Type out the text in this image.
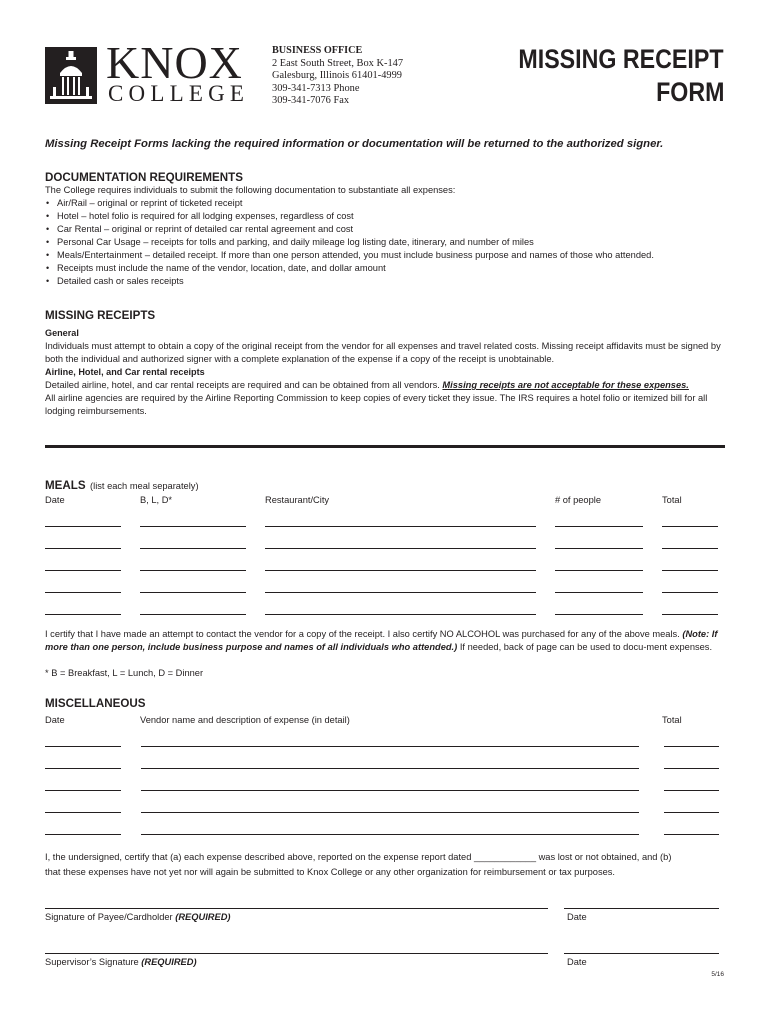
KNOX
COLLEGE
BUSINESS OFFICE
2 East South Street, Box K-147
Galesburg, Illinois 61401-4999
309-341-7313 Phone
309-341-7076 Fax
MISSING RECEIPT
FORM
Missing Receipt Forms lacking the required information or documentation will be returned to the authorized signer.
DOCUMENTATION REQUIREMENTS
The College requires individuals to submit the following documentation to substantiate all expenses:
• Air/Rail – original or reprint of ticketed receipt
• Hotel – hotel folio is required for all lodging expenses, regardless of cost
• Car Rental – original or reprint of detailed car rental agreement and cost
• Personal Car Usage – receipts for tolls and parking, and daily mileage log listing date, itinerary, and number of miles
• Meals/Entertainment – detailed receipt. If more than one person attended, you must include business purpose and names of those who attended.
• Receipts must include the name of the vendor, location, date, and dollar amount
• Detailed cash or sales receipts
MISSING RECEIPTS
General
Individuals must attempt to obtain a copy of the original receipt from the vendor for all expenses and travel related costs. Missing receipt affidavits must be signed by both the individual and authorized signer with a complete explanation of the expense if a copy of the receipt is unobtainable.
Airline, Hotel, and Car rental receipts
Detailed airline, hotel, and car rental receipts are required and can be obtained from all vendors. Missing receipts are not acceptable for these expenses.
All airline agencies are required by the Airline Reporting Commission to keep copies of every ticket they issue. The IRS requires a hotel folio or itemized bill for all lodging reimbursements.
MEALS (list each meal separately)
Date	B, L, D*	Restaurant/City	# of people	Total
I certify that I have made an attempt to contact the vendor for a copy of the receipt. I also certify NO ALCOHOL was purchased for any of the above meals. (Note: If more than one person, include business purpose and names of all individuals who attended.) If needed, back of page can be used to docu-ment expenses.
* B = Breakfast, L = Lunch, D = Dinner
MISCELLANEOUS
Date	Vendor name and description of expense (in detail)	Total
I, the undersigned, certify that (a) each expense described above, reported on the expense report dated ____________ was lost or not obtained, and (b)
that these expenses have not yet nor will again be submitted to Knox College or any other organization for reimbursement or tax purposes.
Signature of Payee/Cardholder (REQUIRED)	Date
Supervisor’s Signature (REQUIRED)	Date
5/16
